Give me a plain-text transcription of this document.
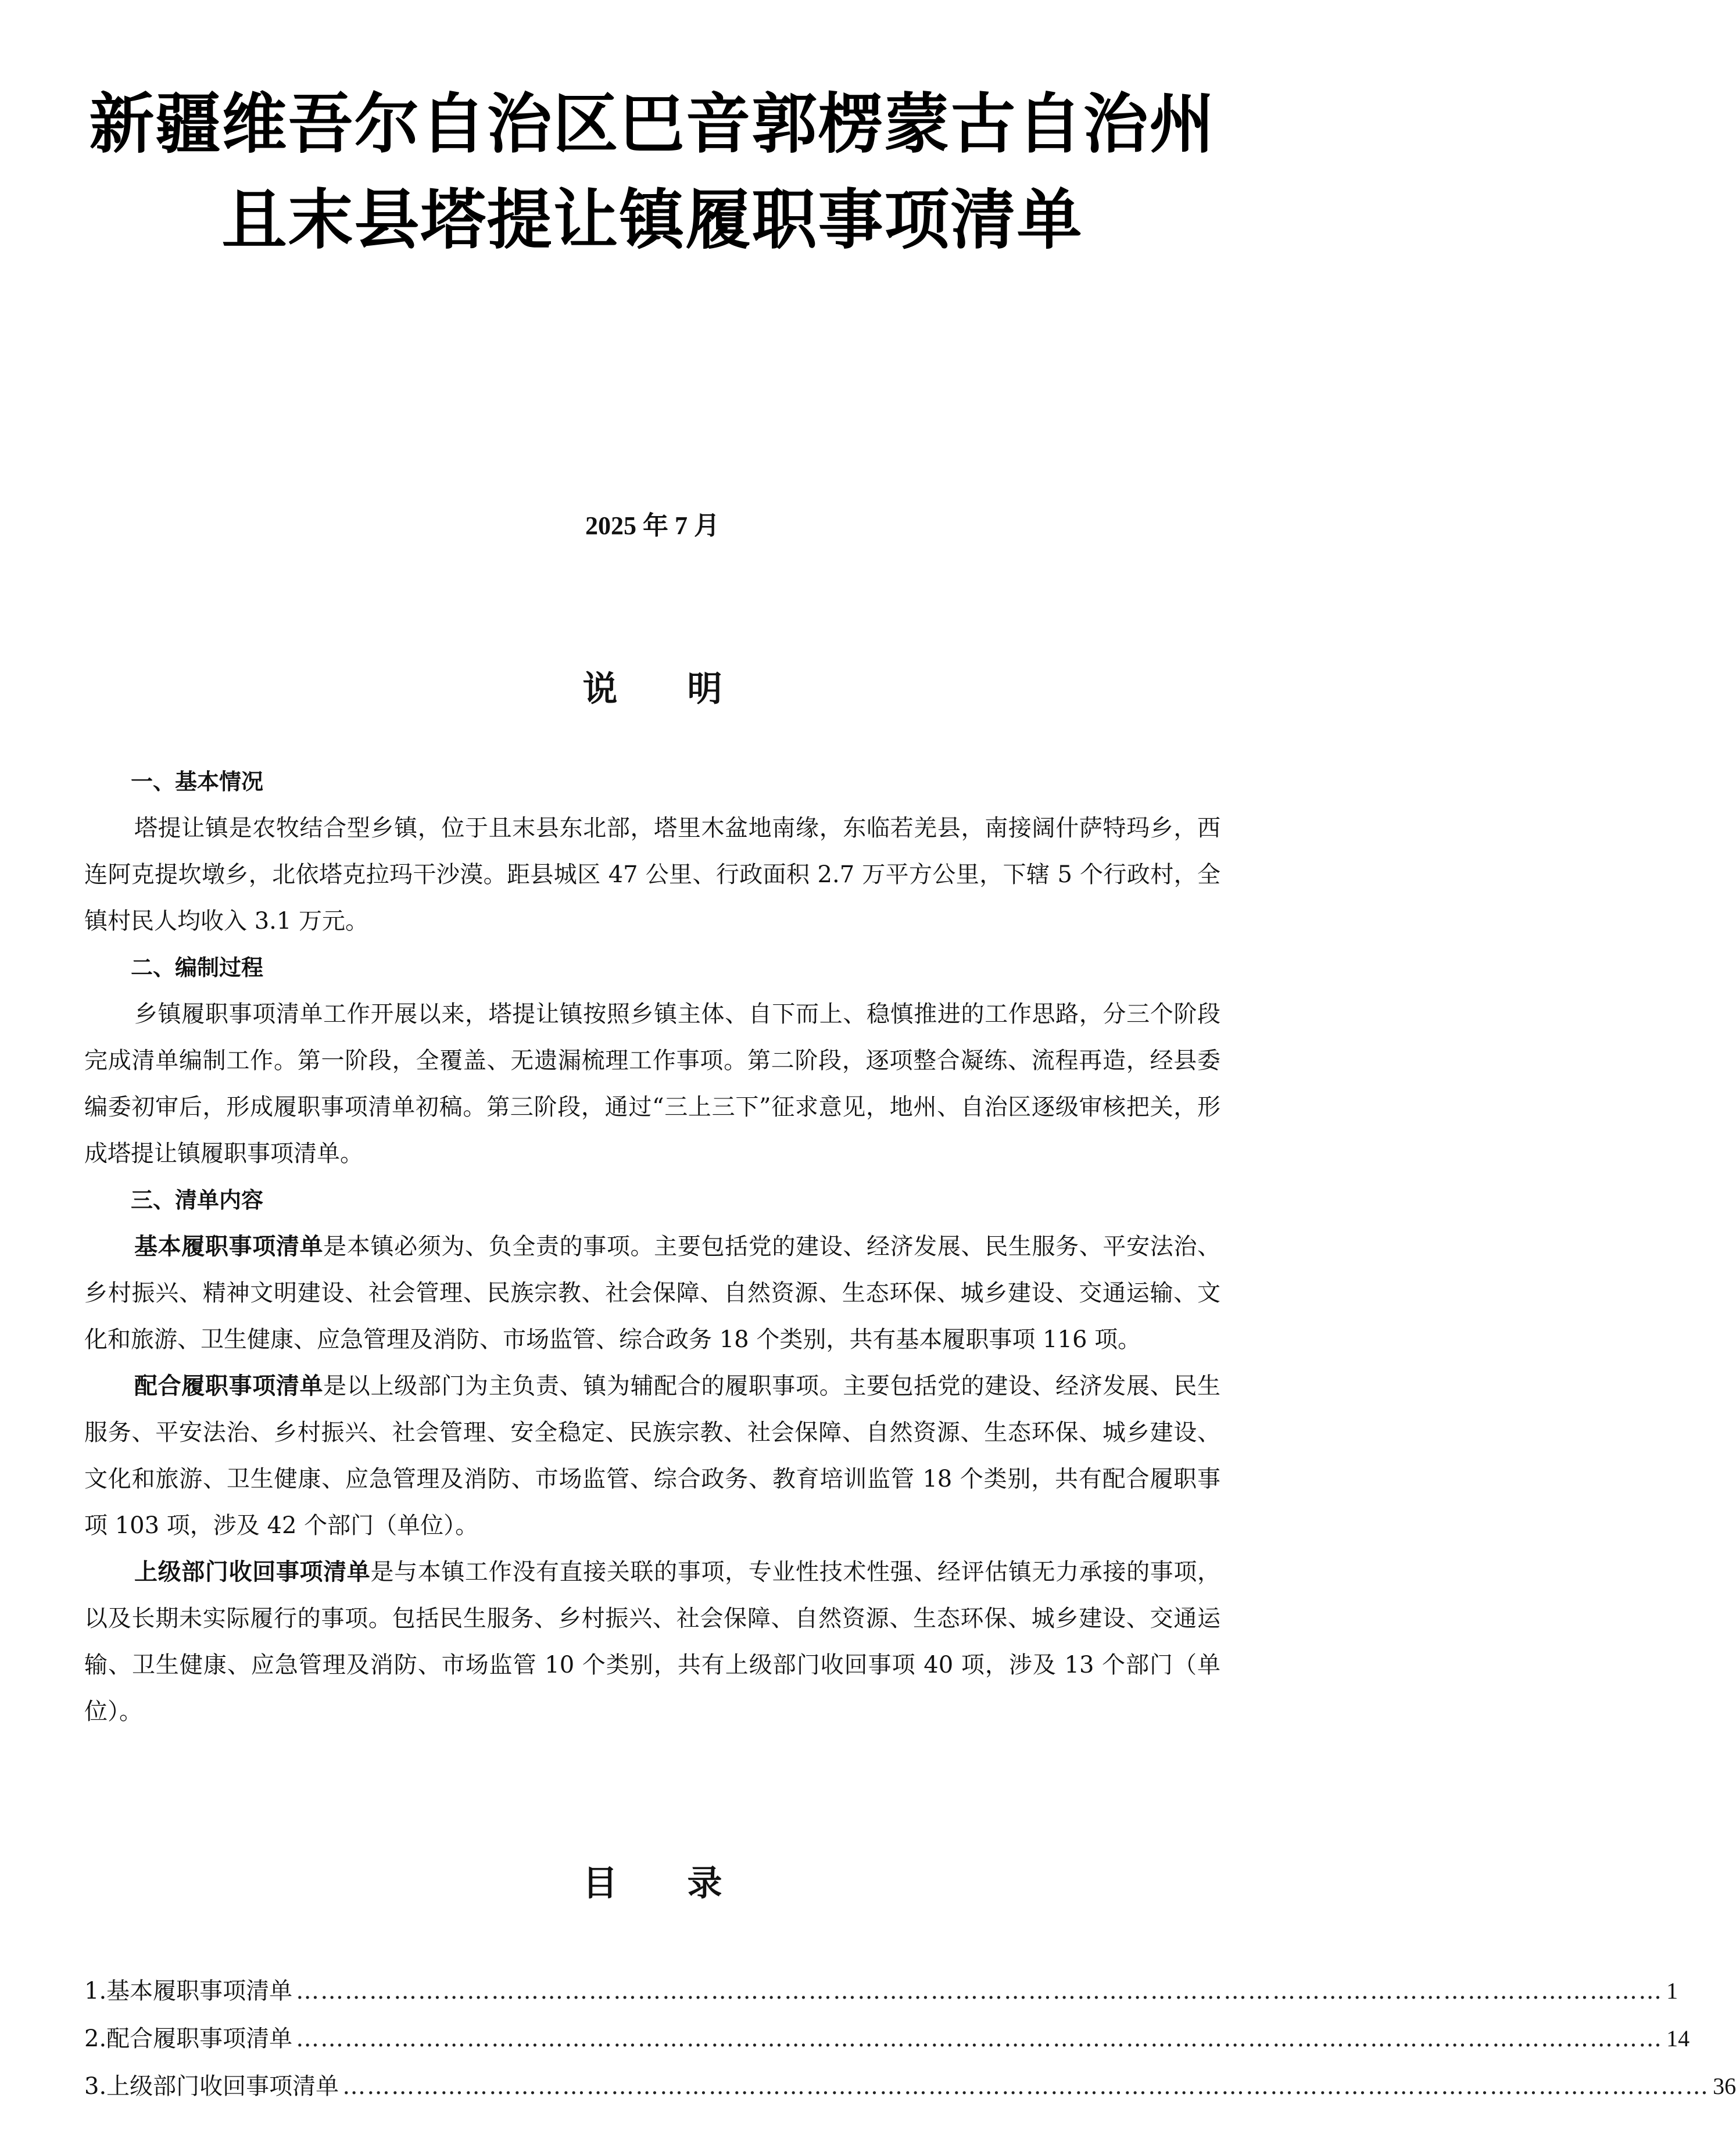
新疆维吾尔自治区巴音郭楞蒙古自治州
且末县塔提让镇履职事项清单
2025 年 7 月
说 明
一、基本情况

塔提让镇是农牧结合型乡镇，位于且末县东北部，塔里木盆地南缘，东临若羌县，南接阔什萨特玛乡，西连阿克提坎墩乡，北依塔克拉玛干沙漠。距县城区 47 公里、行政面积 2.7 万平方公里，下辖 5 个行政村，全镇村民人均收入 3.1 万元。

二、编制过程

乡镇履职事项清单工作开展以来，塔提让镇按照乡镇主体、自下而上、稳慎推进的工作思路，分三个阶段完成清单编制工作。第一阶段，全覆盖、无遗漏梳理工作事项。第二阶段，逐项整合凝练、流程再造，经县委编委初审后，形成履职事项清单初稿。第三阶段，通过“三上三下”征求意见，地州、自治区逐级审核把关，形成塔提让镇履职事项清单。

三、清单内容

基本履职事项清单是本镇必须为、负全责的事项。主要包括党的建设、经济发展、民生服务、平安法治、乡村振兴、精神文明建设、社会管理、民族宗教、社会保障、自然资源、生态环保、城乡建设、交通运输、文化和旅游、卫生健康、应急管理及消防、市场监管、综合政务 18 个类别，共有基本履职事项 116 项。

配合履职事项清单是以上级部门为主负责、镇为辅配合的履职事项。主要包括党的建设、经济发展、民生服务、平安法治、乡村振兴、社会管理、安全稳定、民族宗教、社会保障、自然资源、生态环保、城乡建设、文化和旅游、卫生健康、应急管理及消防、市场监管、综合政务、教育培训监管 18 个类别，共有配合履职事项 103 项，涉及 42 个部门（单位）。

上级部门收回事项清单是与本镇工作没有直接关联的事项，专业性技术性强、经评估镇无力承接的事项，以及长期未实际履行的事项。包括民生服务、乡村振兴、社会保障、自然资源、生态环保、城乡建设、交通运输、卫生健康、应急管理及消防、市场监管 10 个类别，共有上级部门收回事项 40 项，涉及 13 个部门（单位）。

目 录
1.基本履职事项清单 …………………………………………………………………………………………………………………………………………………… 1
2.配合履职事项清单 …………………………………………………………………………………………………………………………………………………… 14
3.上级部门收回事项清单 …………………………………………………………………………………………………………………………………………………… 36
